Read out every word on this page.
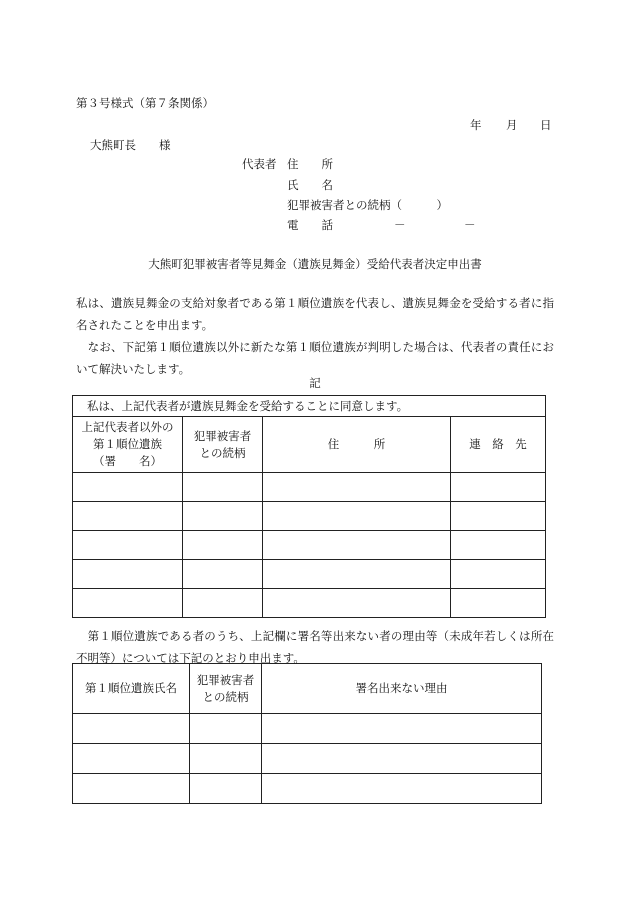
第３号様式（第７条関係）
年 月 日
大熊町長　　様
代表者 住　　所
氏　　名
犯罪被害者との続柄（　　　）
電　　話	－	－
大熊町犯罪被害者等見舞金（遺族見舞金）受給代表者決定申出書
私は、遺族見舞金の支給対象者である第１順位遺族を代表し、遺族見舞金を受給する者に指名されたことを申出ます。
　なお、下記第１順位遺族以外に新たな第１順位遺族が判明した場合は、代表者の責任において解決いたします。
記
私は、上記代表者が遺族見舞金を受給することに同意します。			
上記代表者以外の
第１順位遺族
（署　　名）	犯罪被害者
との続柄	住　　　所	連　絡　先

　第１順位遺族である者のうち、上記欄に署名等出来ない者の理由等（未成年若しくは所在不明等）については下記のとおり申出ます。
第１順位遺族氏名	犯罪被害者
との続柄	署名出来ない理由
